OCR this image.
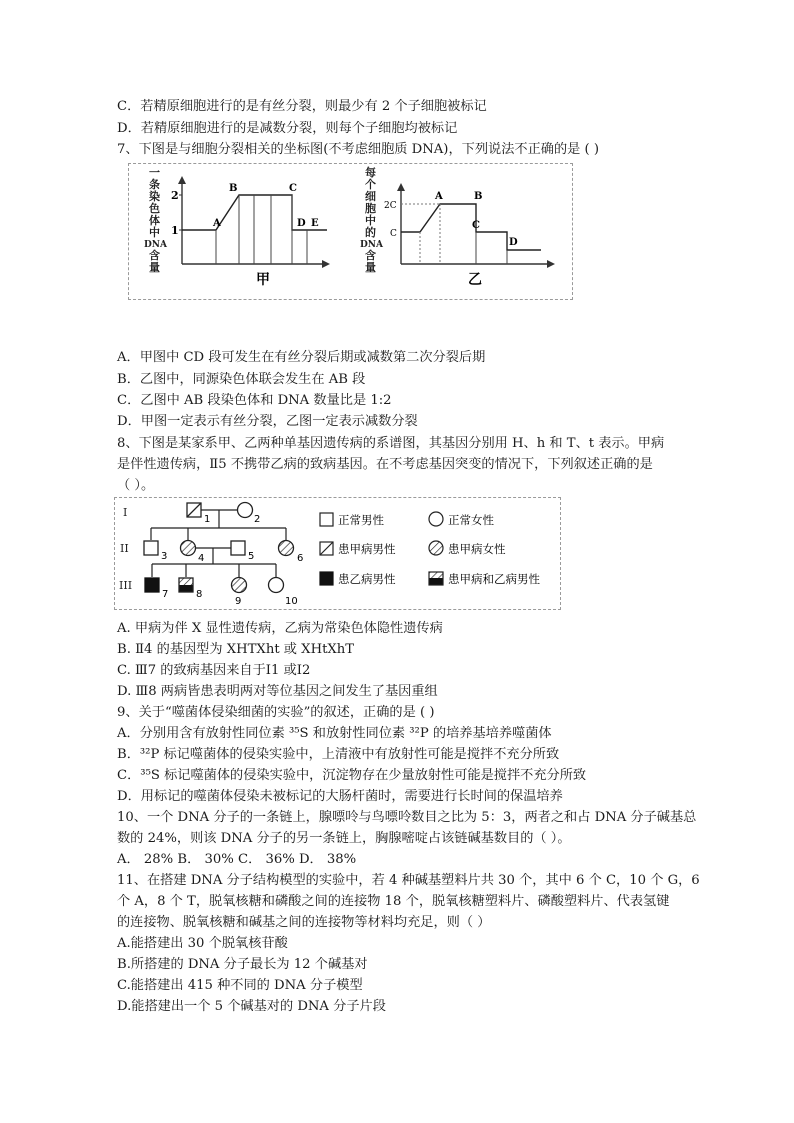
C．若精原细胞进行的是有丝分裂，则最少有 2 个子细胞被标记
D．若精原细胞进行的是减数分裂，则每个子细胞均被标记
7、下图是与细胞分裂相关的坐标图(不考虑细胞质 DNA)，下列说法不正确的是 ( )
A．甲图中 CD 段可发生在有丝分裂后期或减数第二次分裂后期
B．乙图中，同源染色体联会发生在 AB 段
C．乙图中 AB 段染色体和 DNA 数量比是 1:2
D．甲图一定表示有丝分裂，乙图一定表示减数分裂
8、下图是某家系甲、乙两种单基因遗传病的系谱图，其基因分别用 H、h 和 T、t 表示。甲病
是伴性遗传病，Ⅱ5 不携带乙病的致病基因。在不考虑基因突变的情况下，下列叙述正确的是
（ ）。
A. 甲病为伴 X 显性遗传病，乙病为常染色体隐性遗传病
B. Ⅱ4 的基因型为 XHTXht 或 XHtXhT
C. Ⅲ7 的致病基因来自于Ⅰ1 或Ⅰ2
D. Ⅲ8 两病皆患表明两对等位基因之间发生了基因重组
9、关于“噬菌体侵染细菌的实验”的叙述，正确的是 ( )
A．分别用含有放射性同位素 ³⁵S 和放射性同位素 ³²P 的培养基培养噬菌体
B．³²P 标记噬菌体的侵染实验中，上清液中有放射性可能是搅拌不充分所致
C．³⁵S 标记噬菌体的侵染实验中，沉淀物存在少量放射性可能是搅拌不充分所致
D．用标记的噬菌体侵染未被标记的大肠杆菌时，需要进行长时间的保温培养
10、一个 DNA 分子的一条链上，腺嘌呤与鸟嘌呤数目之比为 5：3，两者之和占 DNA 分子碱基总
数的 24%，则该 DNA 分子的另一条链上，胸腺嘧啶占该链碱基数目的（ ）。
A． 28% B． 30% C． 36% D． 38%
11、在搭建 DNA 分子结构模型的实验中，若 4 种碱基塑料片共 30 个，其中 6 个 C，10 个 G，6
个 A，8 个 T，脱氧核糖和磷酸之间的连接物 18 个，脱氧核糖塑料片、磷酸塑料片、代表氢键
的连接物、脱氧核糖和碱基之间的连接物等材料均充足，则（ ）
A.能搭建出 30 个脱氧核苷酸
B.所搭建的 DNA 分子最长为 12 个碱基对
C.能搭建出 415 种不同的 DNA 分子模型
D.能搭建出一个 5 个碱基对的 DNA 分子片段
一
条
染
色
体
中
DNA
含
量
2
1
A
B	C
D E
甲
每
个
细
胞
中
的
DNA
含
量
2C
C
A	B
C
D
乙
I
II
III
1	2
3	4	5	6
7	8
9	10
正常男性	正常女性
患甲病男性	患甲病女性
患乙病男性	患甲病和乙病男性
